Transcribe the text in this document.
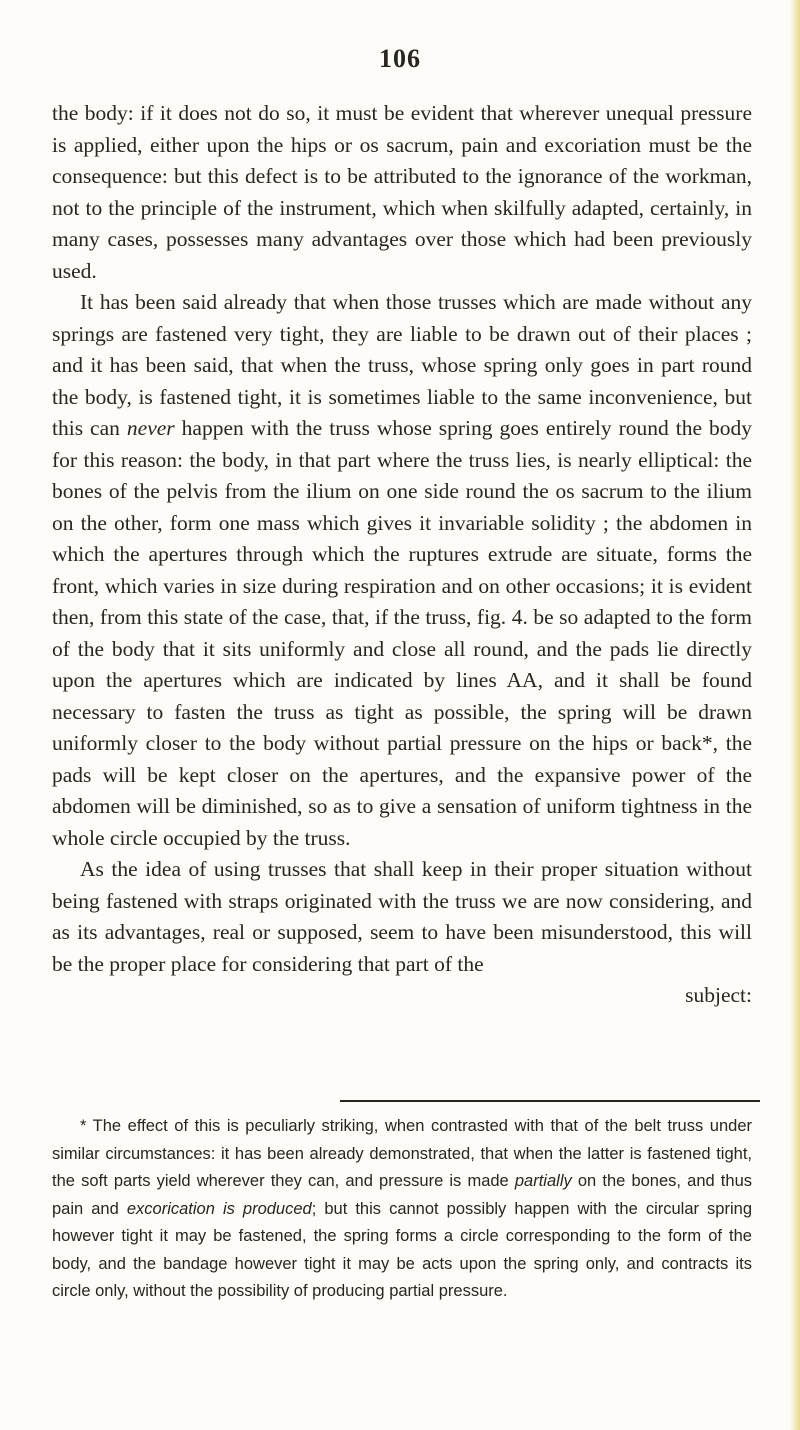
106

the body: if it does not do so, it must be evident that wherever unequal pressure is applied, either upon the hips or os sacrum, pain and excoriation must be the consequence: but this defect is to be attributed to the ignorance of the workman, not to the principle of the instrument, which when skilfully adapted, certainly, in many cases, possesses many advantages over those which had been previously used.

It has been said already that when those trusses which are made without any springs are fastened very tight, they are liable to be drawn out of their places ; and it has been said, that when the truss, whose spring only goes in part round the body, is fastened tight, it is sometimes liable to the same inconvenience, but this can never happen with the truss whose spring goes entirely round the body for this reason: the body, in that part where the truss lies, is nearly elliptical: the bones of the pelvis from the ilium on one side round the os sacrum to the ilium on the other, form one mass which gives it invariable solidity ; the abdomen in which the apertures through which the ruptures extrude are situate, forms the front, which varies in size during respiration and on other occasions; it is evident then, from this state of the case, that, if the truss, fig. 4. be so adapted to the form of the body that it sits uniformly and close all round, and the pads lie directly upon the apertures which are indicated by lines AA, and it shall be found necessary to fasten the truss as tight as possible, the spring will be drawn uniformly closer to the body without partial pressure on the hips or back*, the pads will be kept closer on the apertures, and the expansive power of the abdomen will be diminished, so as to give a sensation of uniform tightness in the whole circle occupied by the truss.

As the idea of using trusses that shall keep in their proper situation without being fastened with straps originated with the truss we are now considering, and as its advantages, real or supposed, seem to have been misunderstood, this will be the proper place for considering that part of the

subject:

* The effect of this is peculiarly striking, when contrasted with that of the belt truss under similar circumstances: it has been already demonstrated, that when the latter is fastened tight, the soft parts yield wherever they can, and pressure is made partially on the bones, and thus pain and excorication is produced; but this cannot possibly happen with the circular spring however tight it may be fastened, the spring forms a circle corresponding to the form of the body, and the bandage however tight it may be acts upon the spring only, and contracts its circle only, without the possibility of producing partial pressure.
